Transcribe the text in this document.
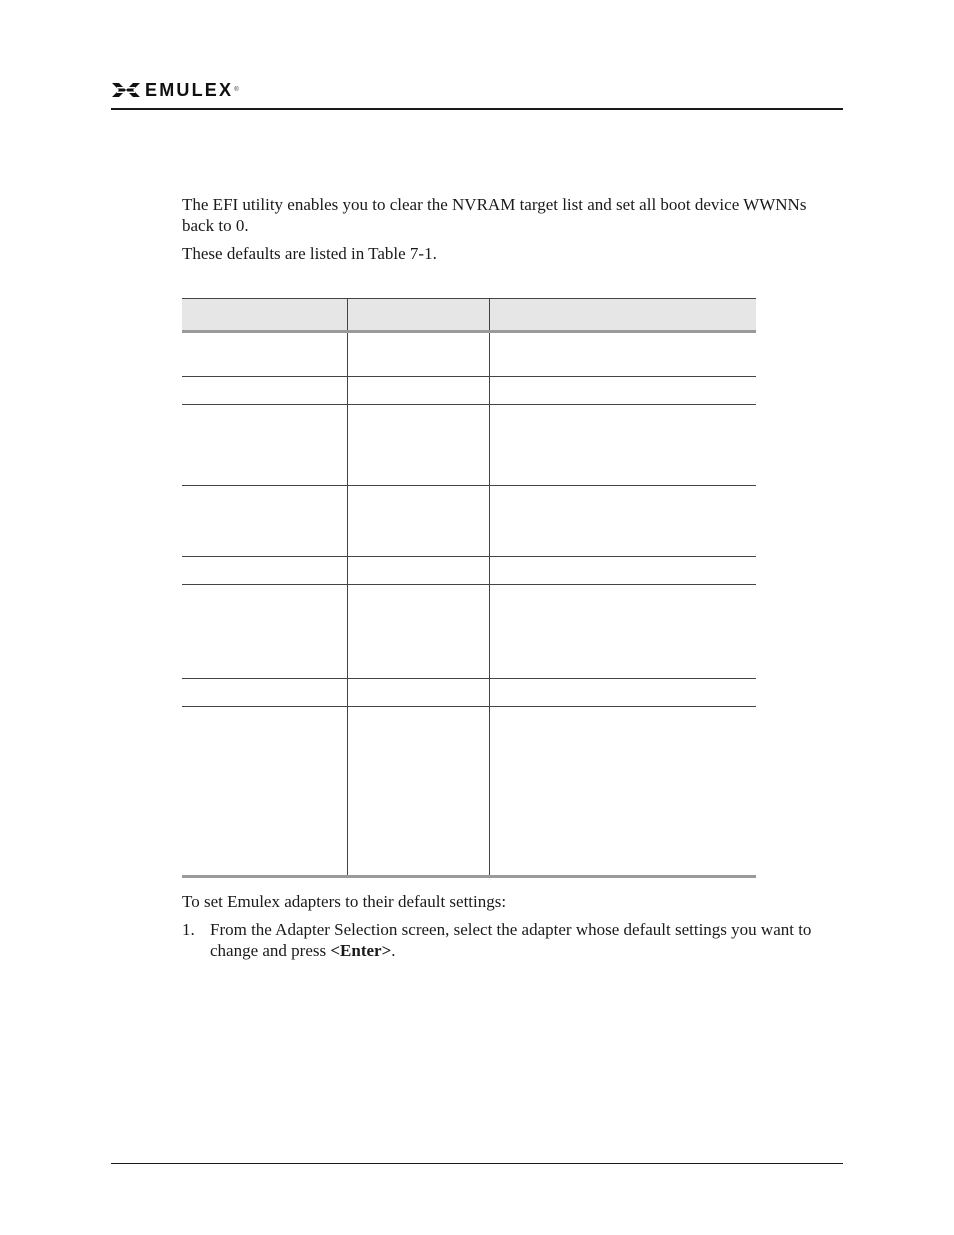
EMULEX ®

The EFI utility enables you to clear the NVRAM target list and set all boot device WWNNs back to 0.

These defaults are listed in Table 7-1.

To set Emulex adapters to their default settings:

1. From the Adapter Selection screen, select the adapter whose default settings you want to change and press <Enter>.
